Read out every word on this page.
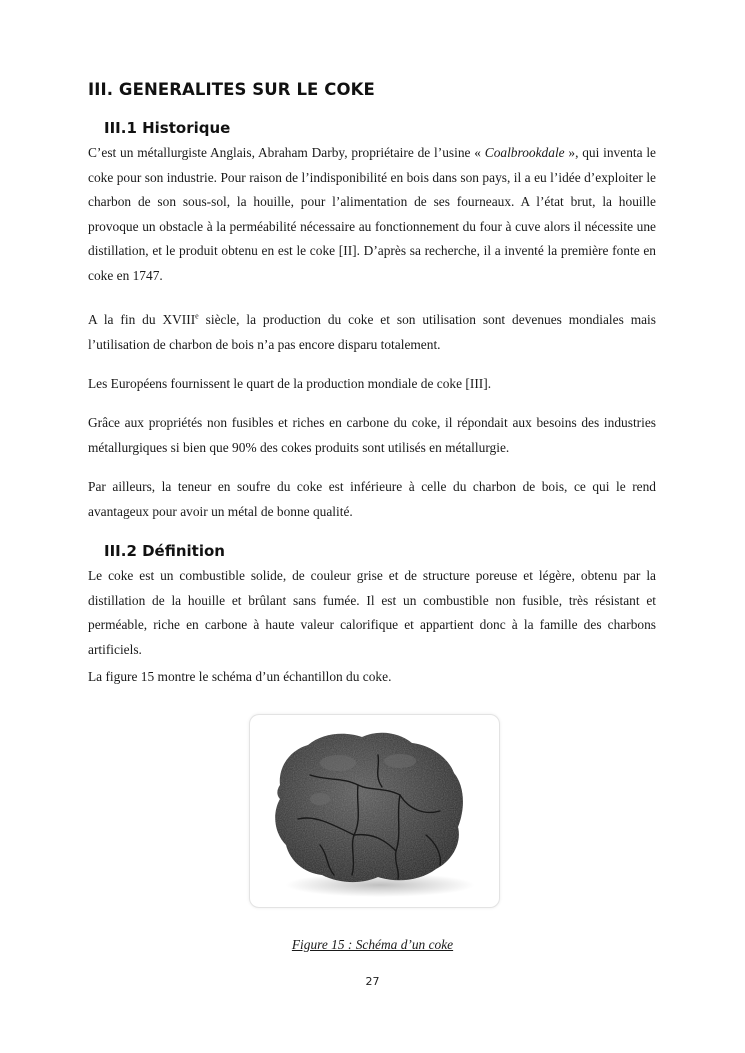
III. GENERALITES SUR LE COKE
III.1 Historique
C’est un métallurgiste Anglais, Abraham Darby, propriétaire de l’usine « Coalbrookdale », qui inventa le coke pour son industrie. Pour raison de l’indisponibilité en bois dans son pays, il a eu l’idée d’exploiter le charbon de son sous-sol, la houille, pour l’alimentation de ses fourneaux. A l’état brut, la houille provoque un obstacle à la perméabilité nécessaire au fonctionnement du four à cuve alors il nécessite une distillation, et le produit obtenu en est le coke [II]. D’après sa recherche, il a inventé la première fonte en coke en 1747.
A la fin du XVIIIe siècle, la production du coke et son utilisation sont devenues mondiales mais l’utilisation de charbon de bois n’a pas encore disparu totalement.
Les Européens fournissent le quart de la production mondiale de coke [III].
Grâce aux propriétés non fusibles et riches en carbone du coke, il répondait aux besoins des industries métallurgiques si bien que 90% des cokes produits sont utilisés en métallurgie.
Par ailleurs, la teneur en soufre du coke est inférieure à celle du charbon de bois, ce qui le rend avantageux pour avoir un métal de bonne qualité.
III.2 Définition
Le coke est un combustible solide, de couleur grise et de structure poreuse et légère, obtenu par la distillation de la houille et brûlant sans fumée. Il est un combustible non fusible, très résistant et perméable, riche en carbone à haute valeur calorifique et appartient donc à la famille des charbons artificiels.
La figure 15 montre le schéma d’un échantillon du coke.
Figure 15 : Schéma d’un coke
27
